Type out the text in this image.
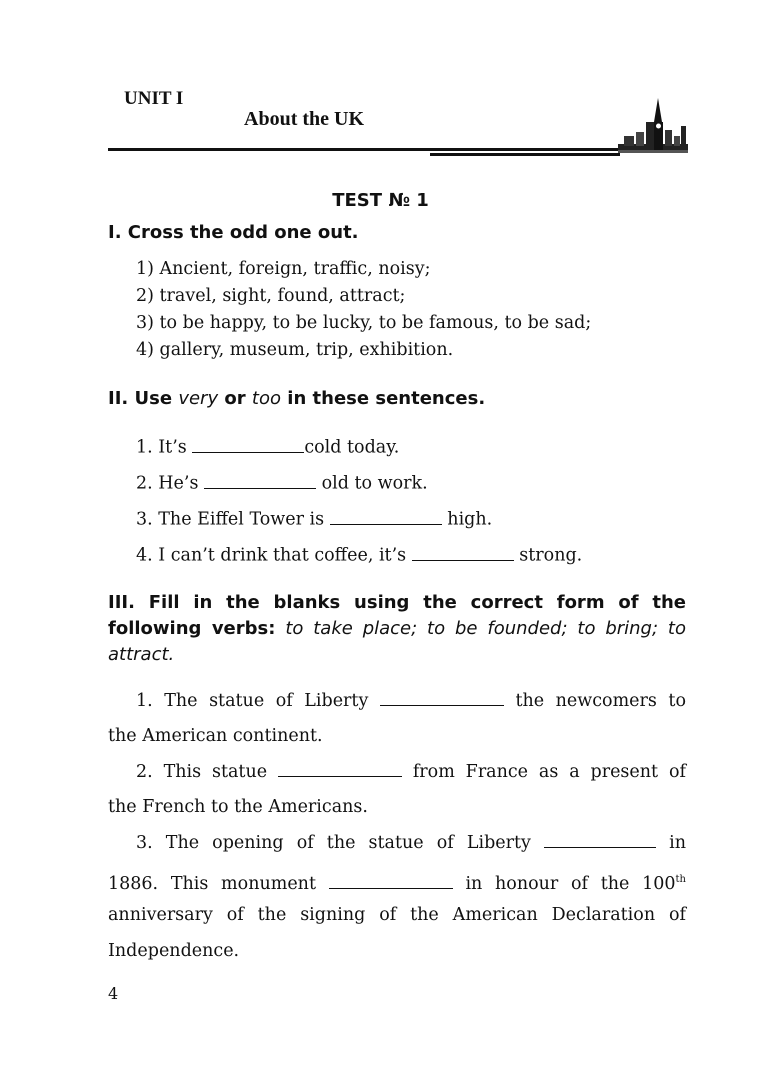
UNIT I
About the UK
TEST № 1
I. Cross the odd one out.
1) Ancient, foreign, traffic, noisy;
2) travel, sight, found, attract;
3) to be happy, to be lucky, to be famous, to be sad;
4) gallery, museum, trip, exhibition.
II. Use very or too in these sentences.
1. It’s	cold today.
2. He’s	old to work.
3. The Eiffel Tower is	high.
4. I can’t drink that coffee, it’s	strong.
III. Fill in the blanks using the correct form of the following verbs: to take place; to be founded; to bring; to attract.
1. The statue of Liberty	the newcomers to
the American continent.
2. This statue	from France as a present of
the French to the Americans.
3. The opening of the statue of Liberty	in
1886. This monument	in honour of the 100th
anniversary of the signing of the American Declaration of
Independence.
4
